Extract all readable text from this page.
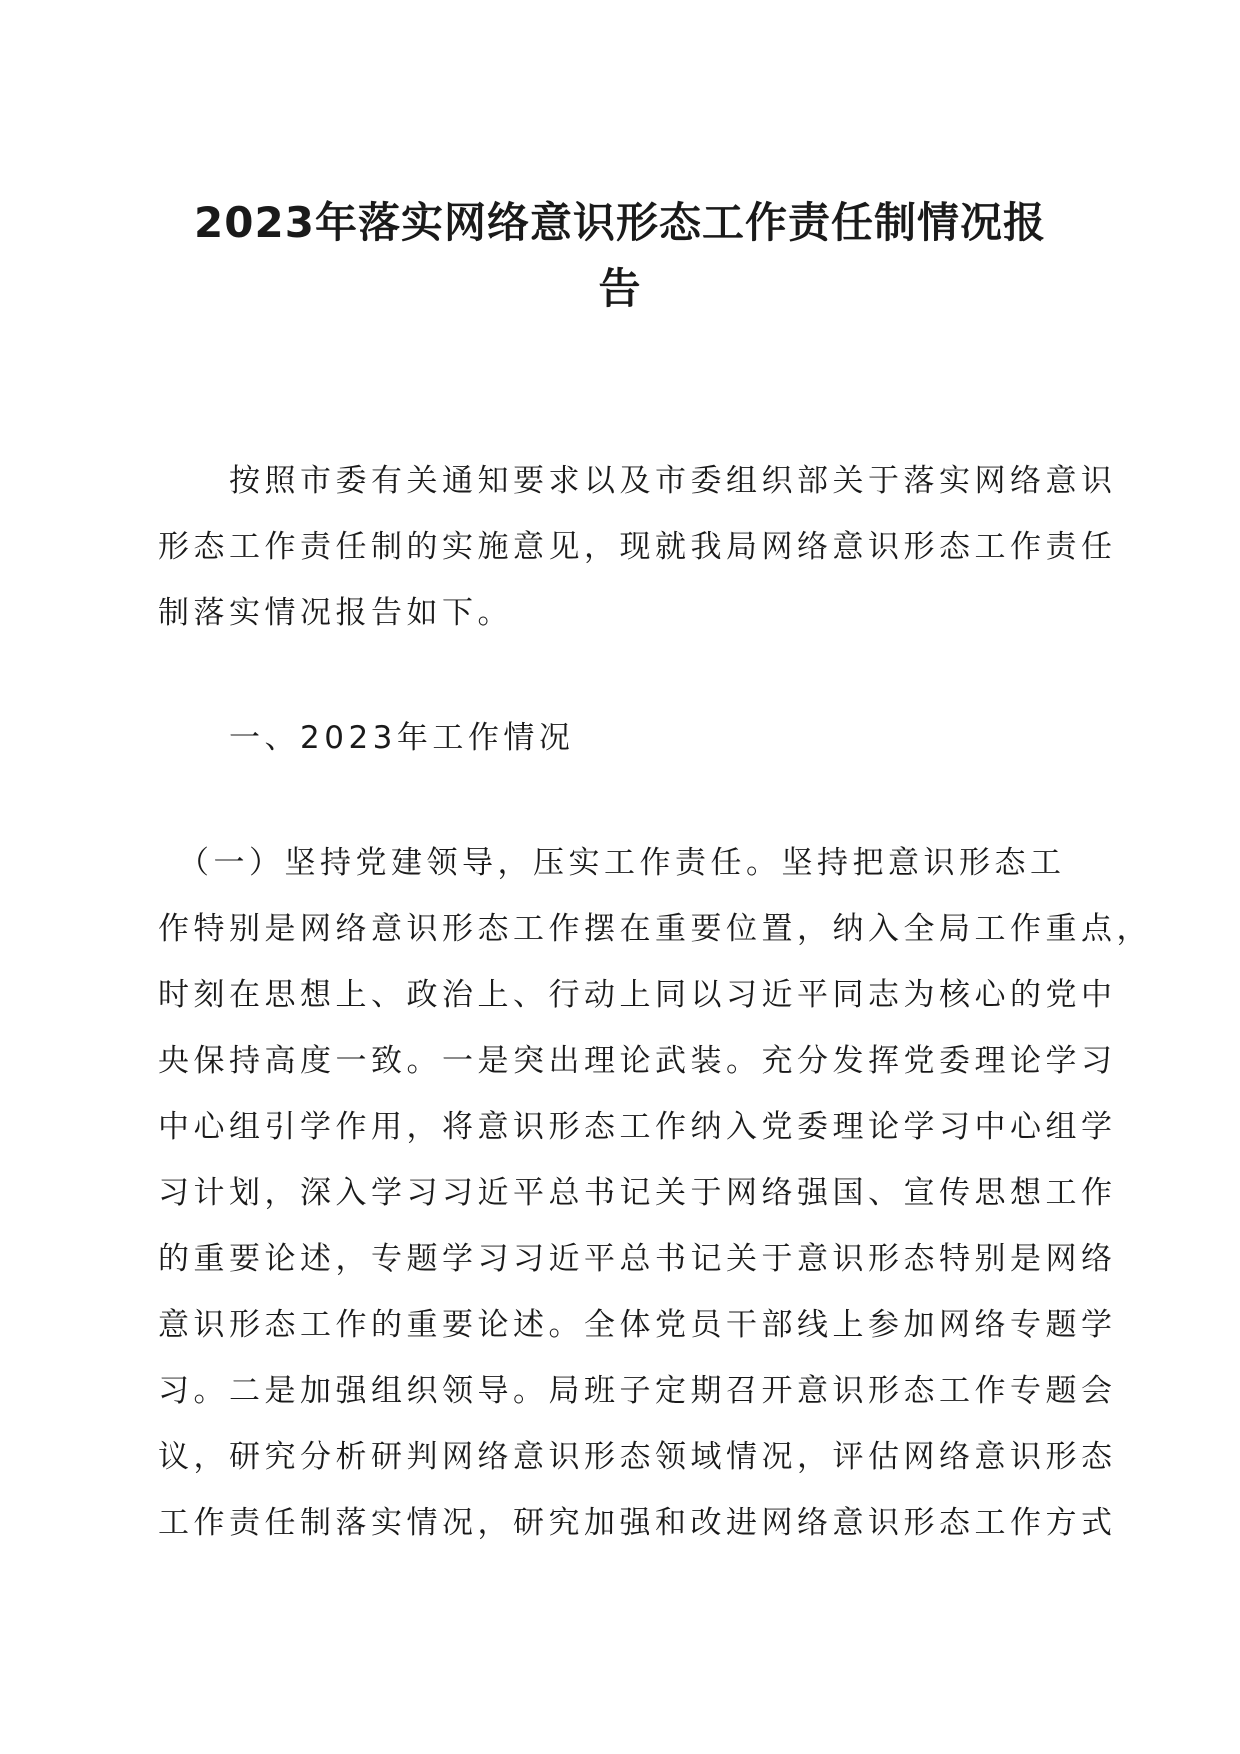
2023年落实网络意识形态工作责任制情况报
告

　　按照市委有关通知要求以及市委组织部关于落实网络意识
形态工作责任制的实施意见，现就我局网络意识形态工作责任
制落实情况报告如下。

　　一、2023年工作情况

　（一）坚持党建领导，压实工作责任。坚持把意识形态工
作特别是网络意识形态工作摆在重要位置，纳入全局工作重点，
时刻在思想上、政治上、行动上同以习近平同志为核心的党中
央保持高度一致。一是突出理论武装。充分发挥党委理论学习
中心组引学作用，将意识形态工作纳入党委理论学习中心组学
习计划，深入学习习近平总书记关于网络强国、宣传思想工作
的重要论述，专题学习习近平总书记关于意识形态特别是网络
意识形态工作的重要论述。全体党员干部线上参加网络专题学
习。二是加强组织领导。局班子定期召开意识形态工作专题会
议，研究分析研判网络意识形态领域情况，评估网络意识形态
工作责任制落实情况，研究加强和改进网络意识形态工作方式
